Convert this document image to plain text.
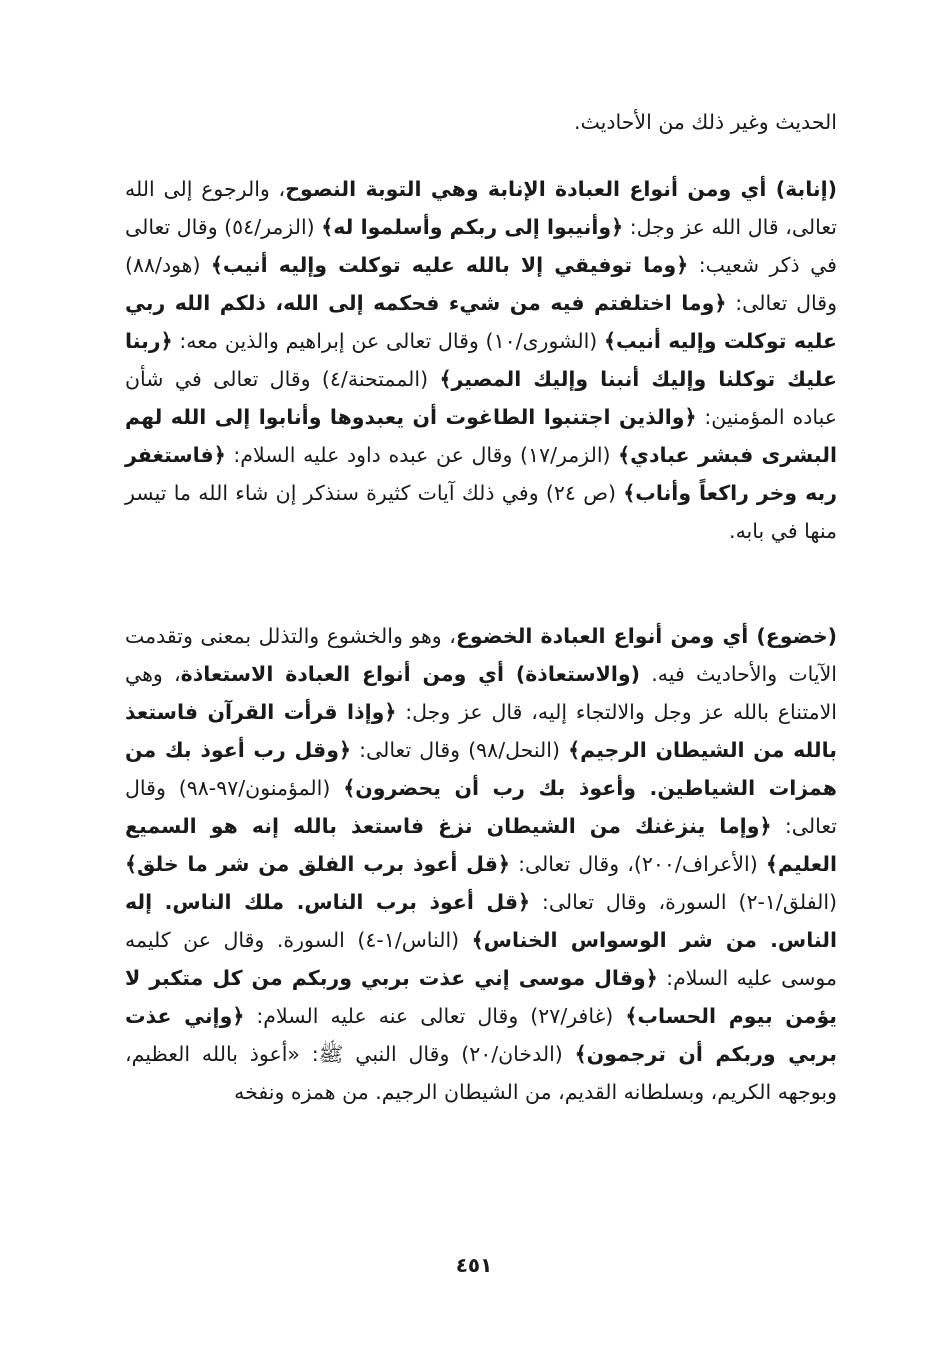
الحديث وغير ذلك من الأحاديث.
(إنابة) أي ومن أنواع العبادة الإنابة وهي التوبة النصوح، والرجوع إلى الله تعالى، قال الله عز وجل: ﴿وأنيبوا إلى ربكم وأسلموا له﴾ (الزمر/٥٤) وقال تعالى في ذكر شعيب: ﴿وما توفيقي إلا بالله عليه توكلت وإليه أنيب﴾ (هود/٨٨) وقال تعالى: ﴿وما اختلفتم فيه من شيء فحكمه إلى الله، ذلكم الله ربي عليه توكلت وإليه أنيب﴾ (الشورى/١٠) وقال تعالى عن إبراهيم والذين معه: ﴿ربنا عليك توكلنا وإليك أنبنا وإليك المصير﴾ (الممتحنة/٤) وقال تعالى في شأن عباده المؤمنين: ﴿والذين اجتنبوا الطاغوت أن يعبدوها وأنابوا إلى الله لهم البشرى فبشر عبادي﴾ (الزمر/١٧) وقال عن عبده داود عليه السلام: ﴿فاستغفر ربه وخر راكعاً وأناب﴾ (ص ٢٤) وفي ذلك آيات كثيرة سنذكر إن شاء الله ما تيسر منها في بابه.
(خضوع) أي ومن أنواع العبادة الخضوع، وهو والخشوع والتذلل بمعنى وتقدمت الآيات والأحاديث فيه. (والاستعاذة) أي ومن أنواع العبادة الاستعاذة، وهي الامتناع بالله عز وجل والالتجاء إليه، قال عز وجل: ﴿وإذا قرأت القرآن فاستعذ بالله من الشيطان الرجيم﴾ (النحل/٩٨) وقال تعالى: ﴿وقل رب أعوذ بك من همزات الشياطين. وأعوذ بك رب أن يحضرون﴾ (المؤمنون/٩٧-٩٨) وقال تعالى: ﴿وإما ينزغنك من الشيطان نزغ فاستعذ بالله إنه هو السميع العليم﴾ (الأعراف/٢٠٠)، وقال تعالى: ﴿قل أعوذ برب الفلق من شر ما خلق﴾ (الفلق/١-٢) السورة، وقال تعالى: ﴿قل أعوذ برب الناس. ملك الناس. إله الناس. من شر الوسواس الخناس﴾ (الناس/١-٤) السورة. وقال عن كليمه موسى عليه السلام: ﴿وقال موسى إني عذت بربي وربكم من كل متكبر لا يؤمن بيوم الحساب﴾ (غافر/٢٧) وقال تعالى عنه عليه السلام: ﴿وإني عذت بربي وربكم أن ترجمون﴾ (الدخان/٢٠) وقال النبي ﷺ: «أعوذ بالله العظيم، وبوجهه الكريم، وبسلطانه القديم، من الشيطان الرجيم. من همزه ونفخه
٤٥١
